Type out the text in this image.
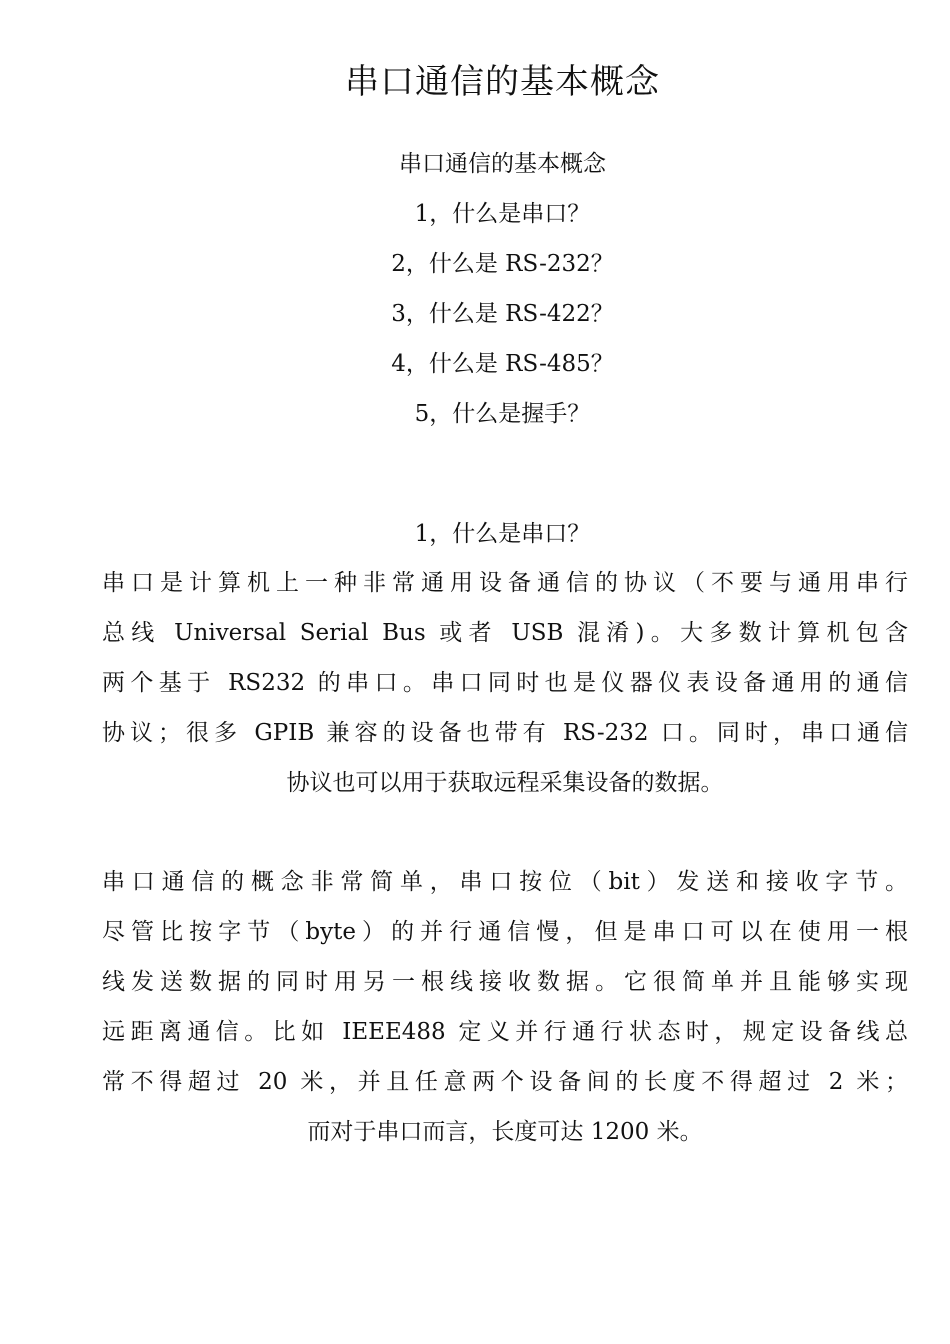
串口通信的基本概念
串口通信的基本概念
1，什么是串口？
2，什么是 RS-232？
3，什么是 RS-422？
4，什么是 RS-485？
5，什么是握手？
1，什么是串口？
串口是计算机上一种非常通用设备通信的协议（不要与通用串行
总线 Universal Serial Bus 或者 USB 混淆)。大多数计算机包含
两个基于 RS232 的串口。串口同时也是仪器仪表设备通用的通信
协议；很多 GPIB 兼容的设备也带有 RS-232 口。同时，串口通信
协议也可以用于获取远程采集设备的数据。
串口通信的概念非常简单，串口按位（bit）发送和接收字节。
尽管比按字节（byte）的并行通信慢，但是串口可以在使用一根
线发送数据的同时用另一根线接收数据。它很简单并且能够实现
远距离通信。比如 IEEE488 定义并行通行状态时，规定设备线总
常不得超过 20 米，并且任意两个设备间的长度不得超过 2 米；
而对于串口而言，长度可达 1200 米。
